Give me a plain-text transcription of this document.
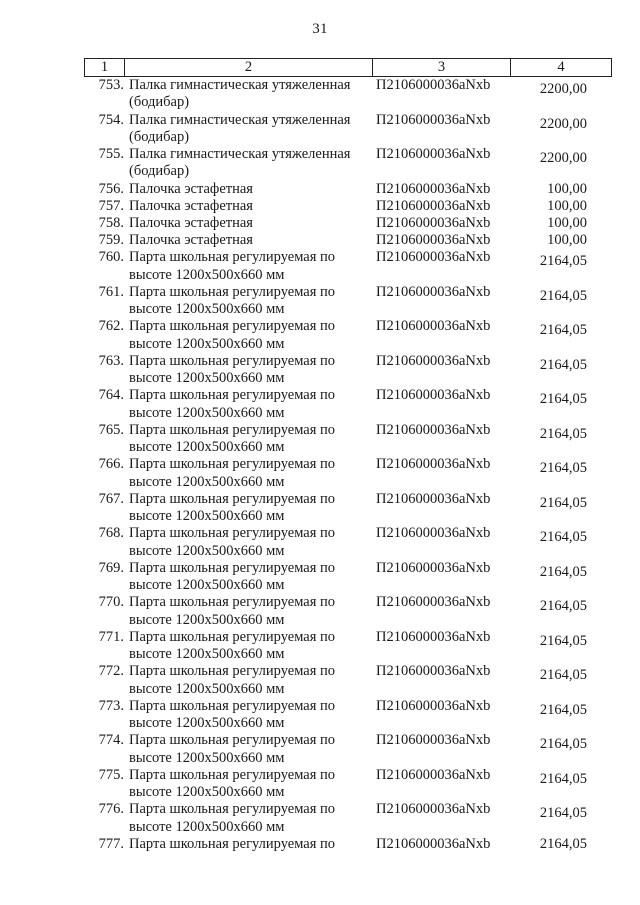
31
1	2	3	4
753. Палка гимнастическая утяжеленная
(бодибар)
П2106000036aNxb	2200,00
754. Палка гимнастическая утяжеленная
(бодибар)
П2106000036aNxb	2200,00
755. Палка гимнастическая утяжеленная
(бодибар)
П2106000036aNxb	2200,00
756. Палочка эстафетная	П2106000036aNxb	100,00
757. Палочка эстафетная	П2106000036aNxb	100,00
758. Палочка эстафетная	П2106000036aNxb	100,00
759. Палочка эстафетная	П2106000036aNxb	100,00
760. Парта школьная регулируемая по
высоте 1200x500x660 мм
П2106000036aNxb	2164,05
761. Парта школьная регулируемая по
высоте 1200x500x660 мм
П2106000036aNxb	2164,05
762. Парта школьная регулируемая по
высоте 1200x500x660 мм
П2106000036aNxb	2164,05
763. Парта школьная регулируемая по
высоте 1200x500x660 мм
П2106000036aNxb	2164,05
764. Парта школьная регулируемая по
высоте 1200x500x660 мм
П2106000036aNxb	2164,05
765. Парта школьная регулируемая по
высоте 1200x500x660 мм
П2106000036aNxb	2164,05
766. Парта школьная регулируемая по
высоте 1200x500x660 мм
П2106000036aNxb	2164,05
767. Парта школьная регулируемая по
высоте 1200x500x660 мм
П2106000036aNxb	2164,05
768. Парта школьная регулируемая по
высоте 1200x500x660 мм
П2106000036aNxb	2164,05
769. Парта школьная регулируемая по
высоте 1200x500x660 мм
П2106000036aNxb	2164,05
770. Парта школьная регулируемая по
высоте 1200x500x660 мм
П2106000036aNxb	2164,05
771. Парта школьная регулируемая по
высоте 1200x500x660 мм
П2106000036aNxb	2164,05
772. Парта школьная регулируемая по
высоте 1200x500x660 мм
П2106000036aNxb	2164,05
773. Парта школьная регулируемая по
высоте 1200x500x660 мм
П2106000036aNxb	2164,05
774. Парта школьная регулируемая по
высоте 1200x500x660 мм
П2106000036aNxb	2164,05
775. Парта школьная регулируемая по
высоте 1200x500x660 мм
П2106000036aNxb	2164,05
776. Парта школьная регулируемая по
высоте 1200x500x660 мм
П2106000036aNxb	2164,05
777. Парта школьная регулируемая по	П2106000036aNxb	2164,05
